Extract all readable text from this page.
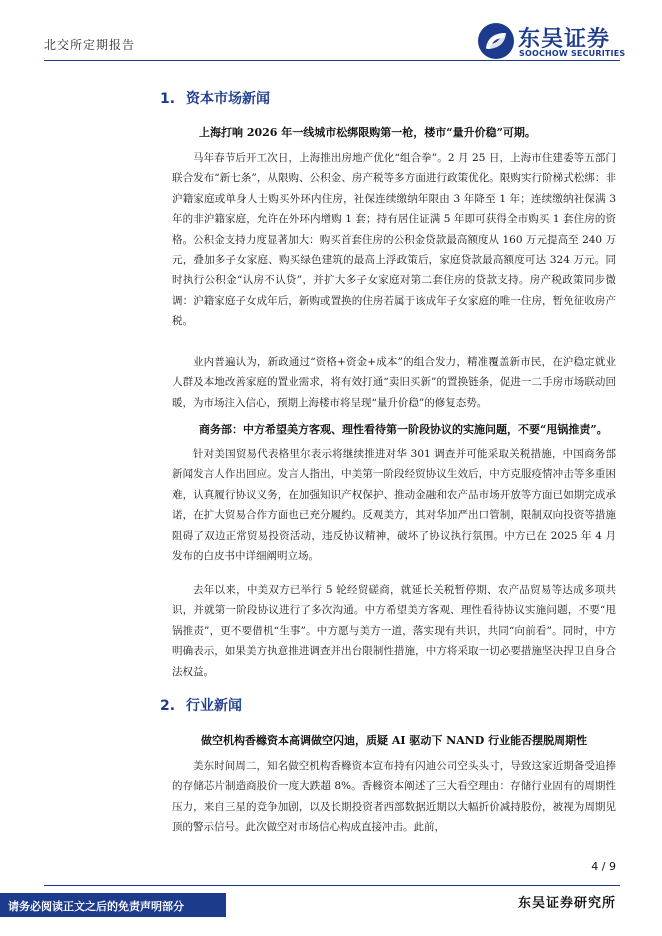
北交所定期报告	东吴证券
SOOCHOW SECURITIES
1. 资本市场新闻
上海打响 2026 年一线城市松绑限购第一枪，楼市“量升价稳”可期。

马年春节后开工次日，上海推出房地产优化“组合拳”。2 月 25 日，上海市住建委等五部门联合发布“新七条”，从限购、公积金、房产税等多方面进行政策优化。限购实行阶梯式松绑：非沪籍家庭或单身人士购买外环内住房，社保连续缴纳年限由 3 年降至 1 年；连续缴纳社保满 3 年的非沪籍家庭，允许在外环内增购 1 套；持有居住证满 5 年即可获得全市购买 1 套住房的资格。公积金支持力度显著加大：购买首套住房的公积金贷款最高额度从 160 万元提高至 240 万元，叠加多子女家庭、购买绿色建筑的最高上浮政策后，家庭贷款最高额度可达 324 万元。同时执行公积金“认房不认贷”，并扩大多子女家庭对第二套住房的贷款支持。房产税政策同步微调：沪籍家庭子女成年后，新购或置换的住房若属于该成年子女家庭的唯一住房，暂免征收房产税。

业内普遍认为，新政通过“资格+资金+成本”的组合发力，精准覆盖新市民，在沪稳定就业人群及本地改善家庭的置业需求，将有效打通“卖旧买新”的置换链条，促进一二手房市场联动回暖，为市场注入信心，预期上海楼市将呈现“量升价稳”的修复态势。

商务部：中方希望美方客观、理性看待第一阶段协议的实施问题，不要“甩锅推责”。

针对美国贸易代表格里尔表示将继续推进对华 301 调查并可能采取关税措施，中国商务部新闻发言人作出回应。发言人指出，中美第一阶段经贸协议生效后，中方克服疫情冲击等多重困难，认真履行协议义务，在加强知识产权保护、推动金融和农产品市场开放等方面已如期完成承诺，在扩大贸易合作方面也已充分履约。反观美方，其对华加严出口管制，限制双向投资等措施阻碍了双边正常贸易投资活动，违反协议精神，破坏了协议执行氛围。中方已在 2025 年 4 月发布的白皮书中详细阐明立场。

去年以来，中美双方已举行 5 轮经贸磋商，就延长关税暂停期、农产品贸易等达成多项共识，并就第一阶段协议进行了多次沟通。中方希望美方客观、理性看待协议实施问题，不要“甩锅推责”，更不要借机“生事”。中方愿与美方一道，落实现有共识，共同“向前看”。同时，中方明确表示，如果美方执意推进调查并出台限制性措施，中方将采取一切必要措施坚决捍卫自身合法权益。

2. 行业新闻
做空机构香橼资本高调做空闪迪，质疑 AI 驱动下 NAND 行业能否摆脱周期性

美东时间周二，知名做空机构香橼资本宣布持有闪迪公司空头头寸，导致这家近期备受追捧的存储芯片制造商股价一度大跌超 8%。香橼资本阐述了三大看空理由：存储行业固有的周期性压力，来自三星的竞争加剧，以及长期投资者西部数据近期以大幅折价减持股份，被视为周期见顶的警示信号。此次做空对市场信心构成直接冲击。此前，

4 / 9
请务必阅读正文之后的免责声明部分	东吴证券研究所
